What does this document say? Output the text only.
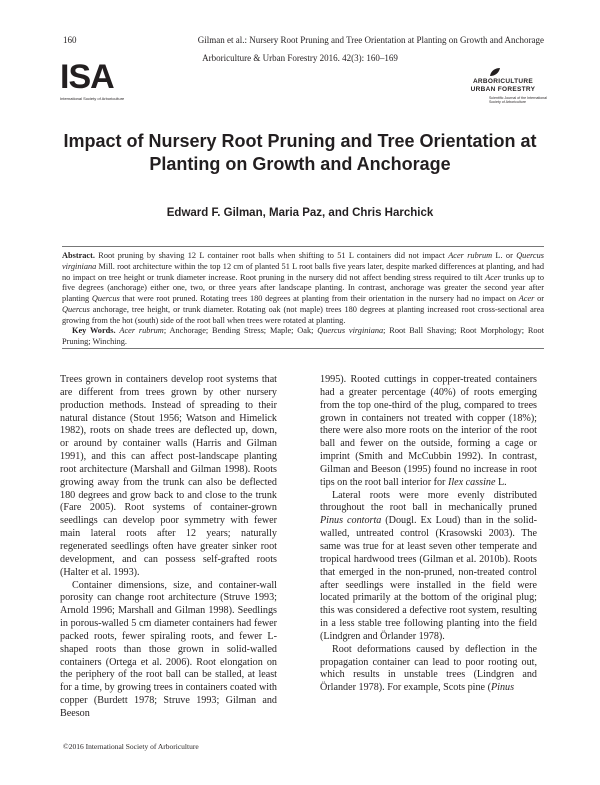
160	Gilman et al.: Nursery Root Pruning and Tree Orientation at Planting on Growth and Anchorage
Arboriculture & Urban Forestry 2016. 42(3): 160–169
ISA
International Society of Arboriculture
ARBORICULTURE
URBAN FORESTRY
Scientific Journal of the International Society of Arboriculture
Impact of Nursery Root Pruning and Tree Orientation at Planting on Growth and Anchorage
Edward F. Gilman, Maria Paz, and Chris Harchick
Abstract. Root pruning by shaving 12 L container root balls when shifting to 51 L containers did not impact Acer rubrum L. or Quercus virginiana Mill. root architecture within the top 12 cm of planted 51 L root balls five years later, despite marked differences at planting, and had no impact on tree height or trunk diameter increase. Root pruning in the nursery did not affect bending stress required to tilt Acer trunks up to five degrees (anchorage) either one, two, or three years after landscape planting. In contrast, anchorage was greater the second year after planting Quercus that were root pruned. Rotating trees 180 degrees at planting from their orientation in the nursery had no impact on Acer or Quercus anchorage, tree height, or trunk diameter. Rotating oak (not maple) trees 180 degrees at planting increased root cross-sectional area growing from the hot (south) side of the root ball when trees were rotated at planting.
Key Words. Acer rubrum; Anchorage; Bending Stress; Maple; Oak; Quercus virginiana; Root Ball Shaving; Root Morphology; Root Pruning; Winching.

Trees grown in containers develop root systems that are different from trees grown by other nursery production methods. Instead of spreading to their natural distance (Stout 1956; Watson and Himelick 1982), roots on shade trees are deflected up, down, or around by container walls (Harris and Gilman 1991), and this can affect post-landscape planting root architecture (Marshall and Gilman 1998). Roots growing away from the trunk can also be deflected 180 degrees and grow back to and close to the trunk (Fare 2005). Root systems of container-grown seedlings can develop poor symmetry with fewer main lateral roots after 12 years; naturally regenerated seedlings often have greater sinker root development, and can possess self-grafted roots (Halter et al. 1993).

Container dimensions, size, and container-wall porosity can change root architecture (Struve 1993; Arnold 1996; Marshall and Gilman 1998). Seedlings in porous-walled 5 cm diameter containers had fewer packed roots, fewer spiraling roots, and fewer L-shaped roots than those grown in solid-walled containers (Ortega et al. 2006). Root elongation on the periphery of the root ball can be stalled, at least for a time, by growing trees in containers coated with copper (Burdett 1978; Struve 1993; Gilman and Beeson

1995). Rooted cuttings in copper-treated containers had a greater percentage (40%) of roots emerging from the top one-third of the plug, compared to trees grown in containers not treated with copper (18%); there were also more roots on the interior of the root ball and fewer on the outside, forming a cage or imprint (Smith and McCubbin 1992). In contrast, Gilman and Beeson (1995) found no increase in root tips on the root ball interior for Ilex cassine L.

Lateral roots were more evenly distributed throughout the root ball in mechanically pruned Pinus contorta (Dougl. Ex Loud) than in the solid-walled, untreated control (Krasowski 2003). The same was true for at least seven other temperate and tropical hardwood trees (Gilman et al. 2010b). Roots that emerged in the non-pruned, non-treated control after seedlings were installed in the field were located primarily at the bottom of the original plug; this was considered a defective root system, resulting in a less stable tree following planting into the field (Lindgren and Örlander 1978).

Root deformations caused by deflection in the propagation container can lead to poor rooting out, which results in unstable trees (Lindgren and Örlander 1978). For example, Scots pine (Pinus

©2016 International Society of Arboriculture
